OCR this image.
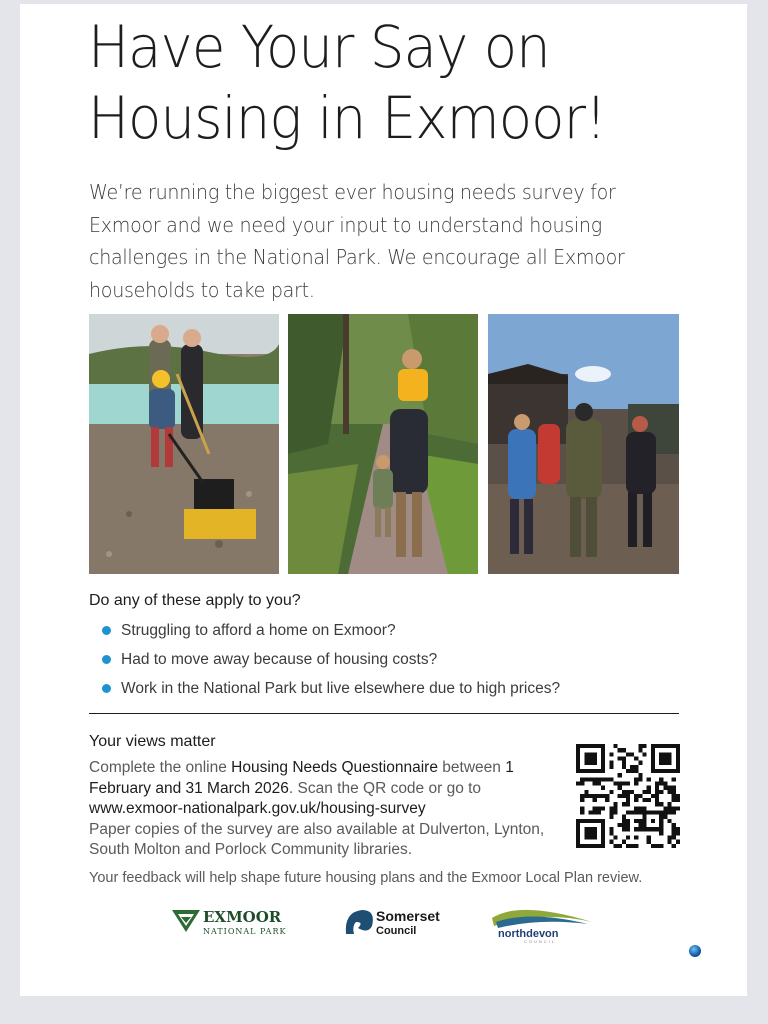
Have Your Say on
Housing in Exmoor!
We’re running the biggest ever housing needs survey for Exmoor and we need your input to understand housing challenges in the National Park. We encourage all Exmoor households to take part.
Do any of these apply to you?
Struggling to afford a home on Exmoor?
Had to move away because of housing costs?
Work in the National Park but live elsewhere due to high prices?
Your views matter
Complete the online Housing Needs Questionnaire between 1 February and 31 March 2026. Scan the QR code or go to
www.exmoor-nationalpark.gov.uk/housing-survey
Paper copies of the survey are also available at Dulverton, Lynton, South Molton and Porlock Community libraries.
Your feedback will help shape future housing plans and the Exmoor Local Plan review.
EXMOOR
NATIONAL PARK
Somerset
Council	northdevon
COUNCIL
